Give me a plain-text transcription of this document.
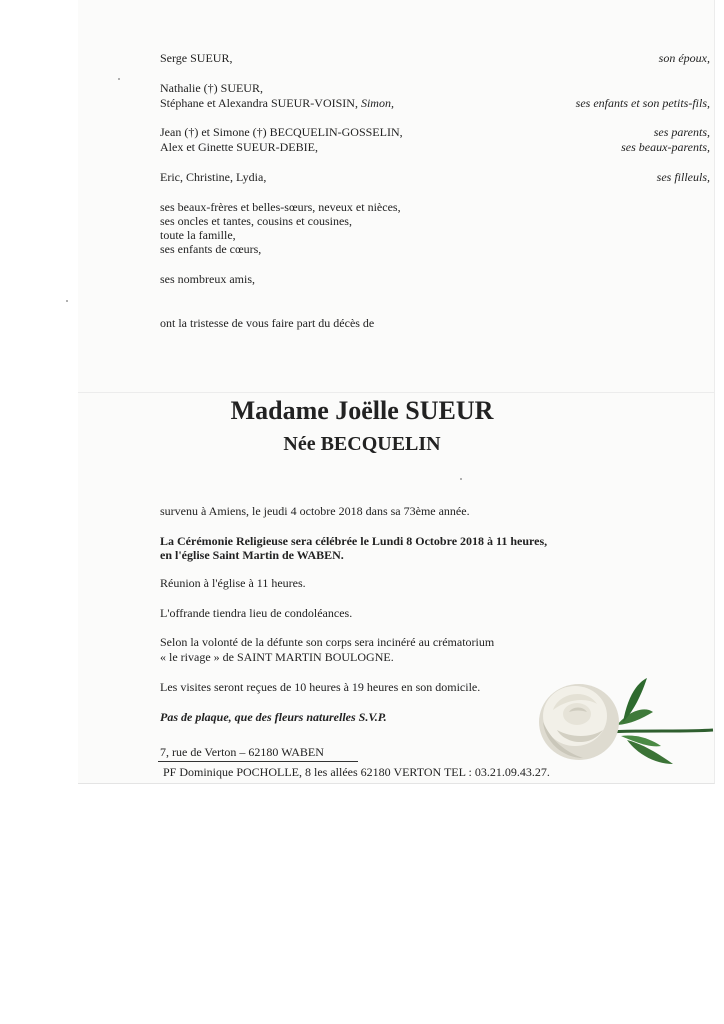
Serge SUEUR,	son époux,
Nathalie (†) SUEUR,
Stéphane et Alexandra SUEUR-VOISIN, Simon,	ses enfants et son petits-fils,
Jean (†) et Simone (†) BECQUELIN-GOSSELIN,	ses parents,
Alex et Ginette SUEUR-DEBIE,	ses beaux-parents,
Eric, Christine, Lydia,	ses filleuls,
ses beaux-frères et belles-sœurs, neveux et nièces,
ses oncles et tantes, cousins et cousines,
toute la famille,
ses enfants de cœurs,
ses nombreux amis,
ont la tristesse de vous faire part du décès de
Madame Joëlle SUEUR
Née BECQUELIN
survenu à Amiens, le jeudi 4 octobre 2018 dans sa 73ème année.
La Cérémonie Religieuse sera célébrée le Lundi 8 Octobre 2018 à 11 heures,
en l'église Saint Martin de WABEN.
Réunion à l'église à 11 heures.
L'offrande tiendra lieu de condoléances.
Selon la volonté de la défunte son corps sera incinéré au crématorium
« le rivage » de SAINT MARTIN BOULOGNE.
Les visites seront reçues de 10 heures à 19 heures en son domicile.
Pas de plaque, que des fleurs naturelles S.V.P.
7, rue de Verton – 62180 WABEN
PF Dominique POCHOLLE, 8 les allées 62180 VERTON TEL : 03.21.09.43.27.
